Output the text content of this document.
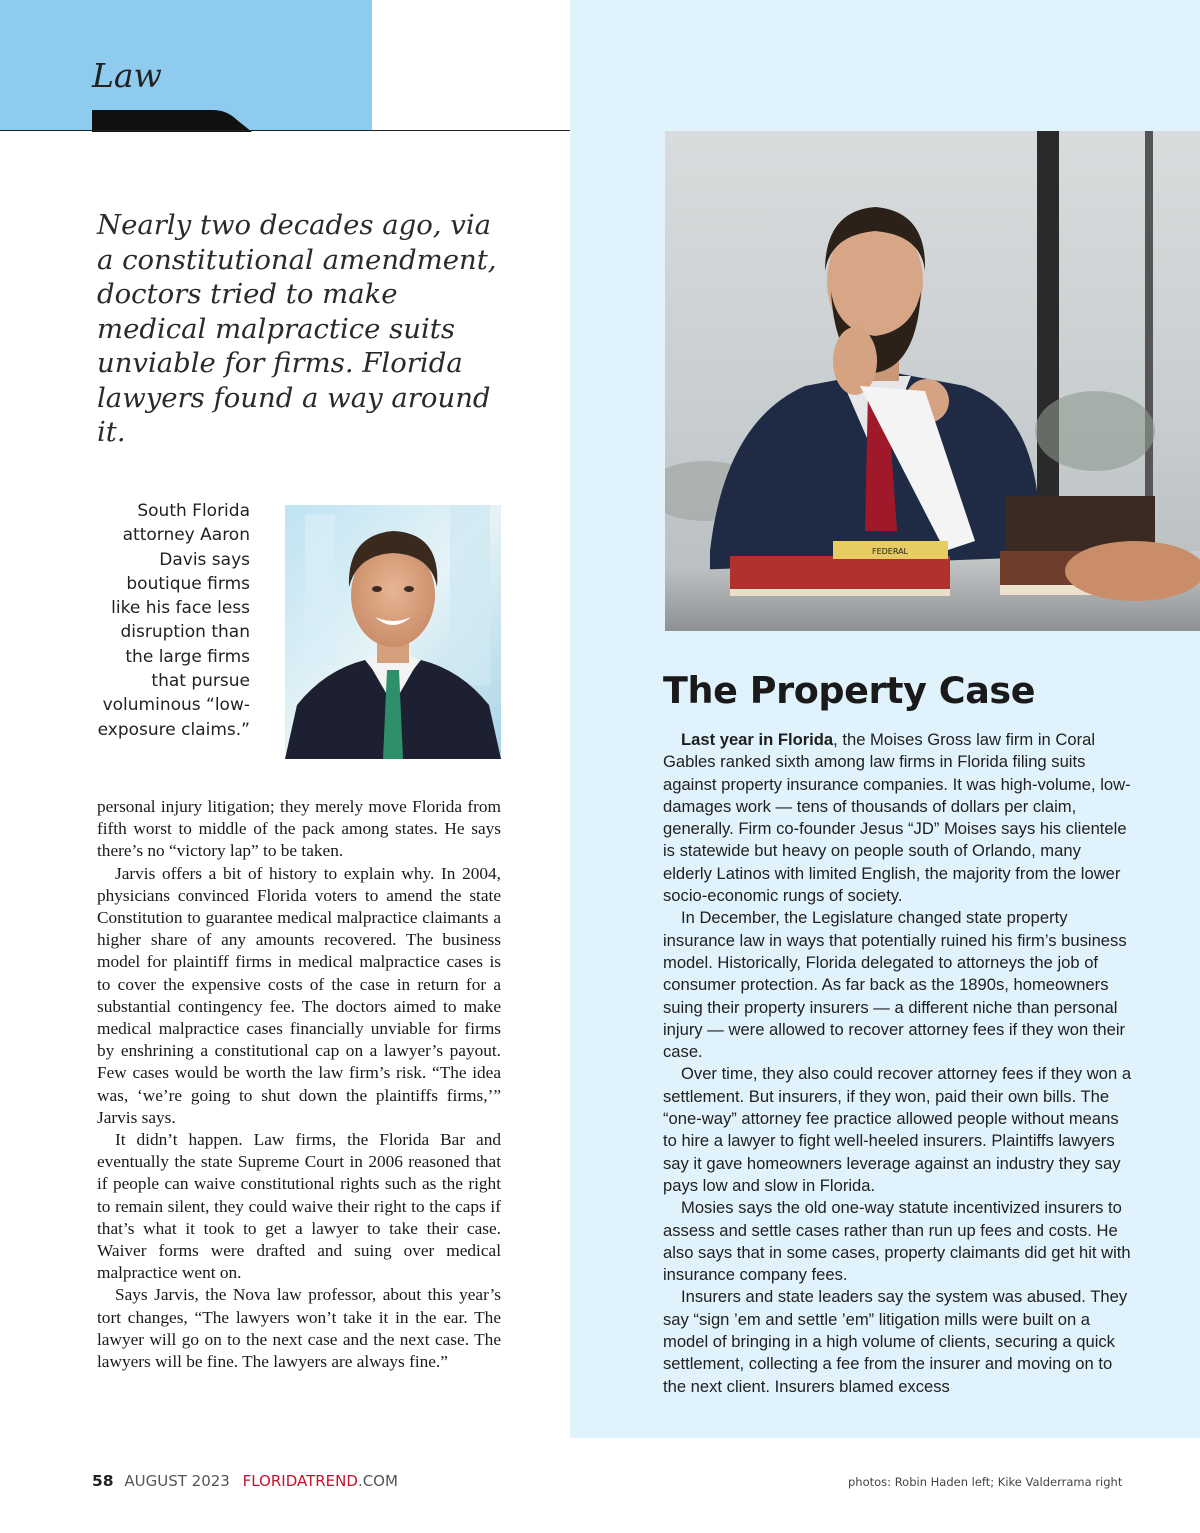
Law

Nearly two decades ago, via a constitutional amendment, doctors tried to make medical malpractice suits unviable for firms. Florida lawyers found a way around it.

South Florida attorney Aaron Davis says boutique firms like his face less disruption than the large firms that pursue voluminous “low-exposure claims.”

FEDERAL

personal injury litigation; they merely move Florida from fifth worst to middle of the pack among states. He says there’s no “victory lap” to be taken.

Jarvis offers a bit of history to explain why. In 2004, physicians convinced Florida voters to amend the state Constitution to guarantee medical malpractice claimants a higher share of any amounts recovered. The business model for plaintiff firms in medical malpractice cases is to cover the expensive costs of the case in return for a substantial contingency fee. The doctors aimed to make medical malpractice cases financially unviable for firms by enshrining a constitutional cap on a lawyer’s payout. Few cases would be worth the law firm’s risk. “The idea was, ‘we’re going to shut down the plaintiffs firms,’” Jarvis says.

It didn’t happen. Law firms, the Florida Bar and eventually the state Supreme Court in 2006 reasoned that if people can waive constitutional rights such as the right to remain silent, they could waive their right to the caps if that’s what it took to get a lawyer to take their case. Waiver forms were drafted and suing over medical malpractice went on.

Says Jarvis, the Nova law professor, about this year’s tort changes, “The lawyers won’t take it in the ear. The lawyer will go on to the next case and the next case. The lawyers will be fine. The lawyers are always fine.”

The Property Case

Last year in Florida, the Moises Gross law firm in Coral Gables ranked sixth among law firms in Florida filing suits against property insurance companies. It was high-volume, low-damages work — tens of thousands of dollars per claim, generally. Firm co-founder Jesus “JD” Moises says his clientele is statewide but heavy on people south of Orlando, many elderly Latinos with limited English, the majority from the lower socio-economic rungs of society.

In December, the Legislature changed state property insurance law in ways that potentially ruined his firm’s business model. Historically, Florida delegated to attorneys the job of consumer protection. As far back as the 1890s, homeowners suing their property insurers — a different niche than personal injury — were allowed to recover attorney fees if they won their case.

Over time, they also could recover attorney fees if they won a settlement. But insurers, if they won, paid their own bills. The “one-way” attorney fee practice allowed people without means to hire a lawyer to fight well-heeled insurers. Plaintiffs lawyers say it gave homeowners leverage against an industry they say pays low and slow in Florida.

Mosies says the old one-way statute incentivized insurers to assess and settle cases rather than run up fees and costs. He also says that in some cases, property claimants did get hit with insurance company fees.

Insurers and state leaders say the system was abused. They say “sign ’em and settle ’em” litigation mills were built on a model of bringing in a high volume of clients, securing a quick settlement, collecting a fee from the insurer and moving on to the next client. Insurers blamed excess

58 AUGUST 2023 FLORIDATREND.COM	photos: Robin Haden left; Kike Valderrama right
